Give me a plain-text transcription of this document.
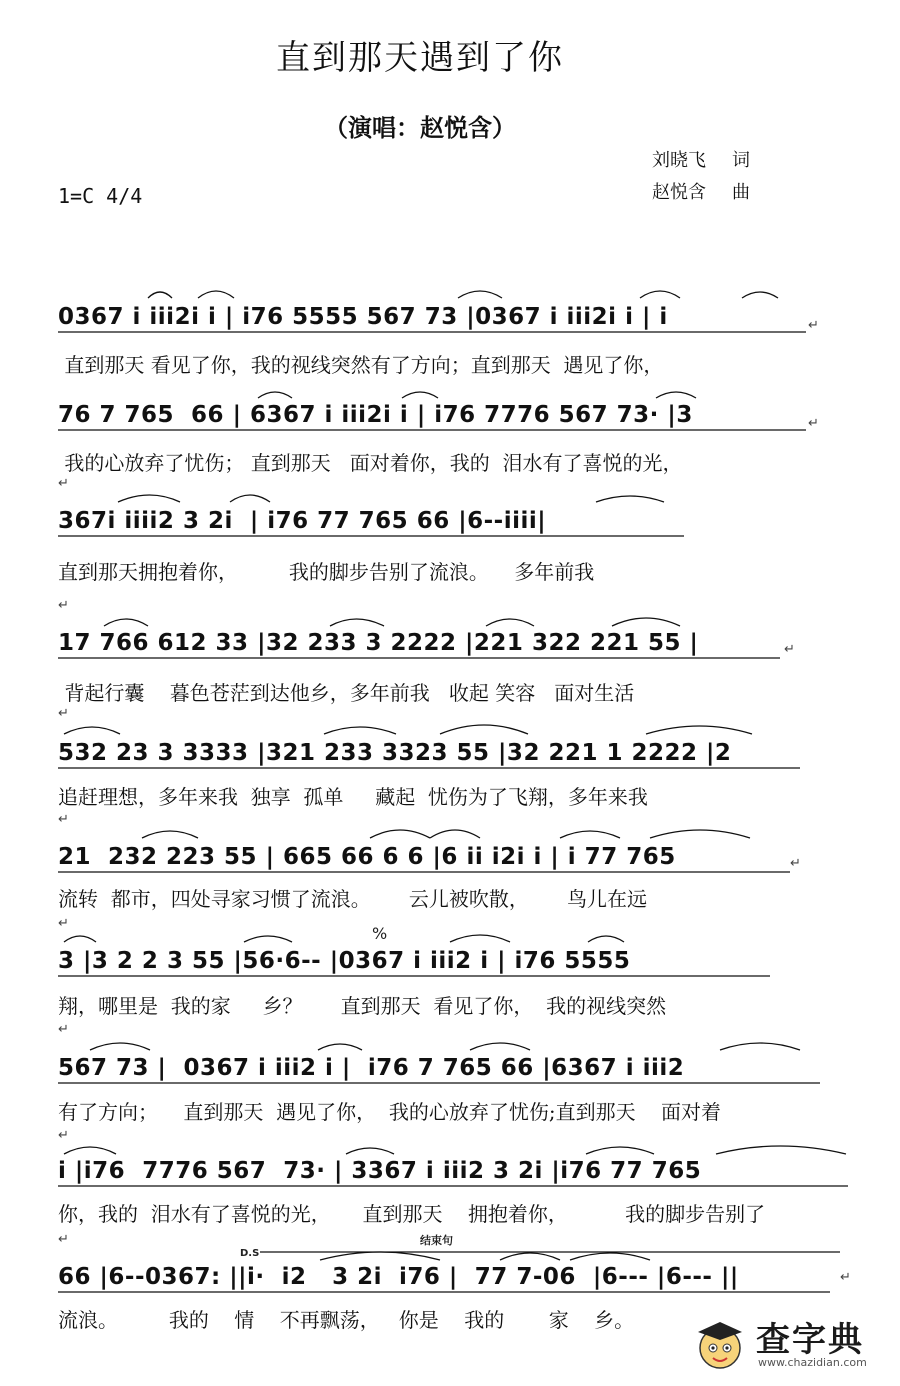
直到那天遇到了你
（演唱：赵悦含）
刘晓飞 词
赵悦含 曲
1=C 4/4
0367 i iii2i i | i76 5555 567 73 |0367 i iii2i i | i
直到那天 看见了你，我的视线突然有了方向；直到那天  遇见了你，
76 7 765  66 | 6367 i iii2i i | i76 7776 567 73· |3
我的心放弃了忧伤； 直到那天   面对着你，我的  泪水有了喜悦的光，
367i iiii2 3 2i  | i76 77 765 66 |6--iiii|
直到那天拥抱着你，        我的脚步告别了流浪。    多年前我
17 766 612 33 |32 233 3 2222 |221 322 221 55 |
背起行囊    暮色苍茫到达他乡，多年前我   收起 笑容   面对生活
532 23 3 3333 |321 233 3323 55 |32 221 1 2222 |2
追赶理想，多年来我  独享  孤单     藏起  忧伤为了飞翔，多年来我
21  232 223 55 | 665 66 6 6 |6 ii i2i i | i 77 765
流转  都市，四处寻家习惯了流浪。      云儿被吹散，      鸟儿在远
3 |3 2 2 3 55 |56·6-- |0367 i iii2 i | i76 5555
翔，哪里是  我的家     乡？      直到那天  看见了你，  我的视线突然
567 73 |  0367 i iii2 i |  i76 7 765 66 |6367 i iii2
有了方向；    直到那天  遇见了你，  我的心放弃了忧伤;直到那天    面对着
i |i76  7776 567  73· | 3367 i iii2 3 2i |i76 77 765
你，我的  泪水有了喜悦的光，     直到那天    拥抱着你，         我的脚步告别了
66 |6--0367: ||i·  i2   3 2i  i76 |  77 7-06  |6--- |6--- ||
流浪。        我的    情    不再飘荡，   你是    我的       家    乡。
↵
↵
↵
↵
↵
↵
↵
↵
↵
↵
↵
↵
↵
%
D.S
结束句
查字典
www.chazidian.com
